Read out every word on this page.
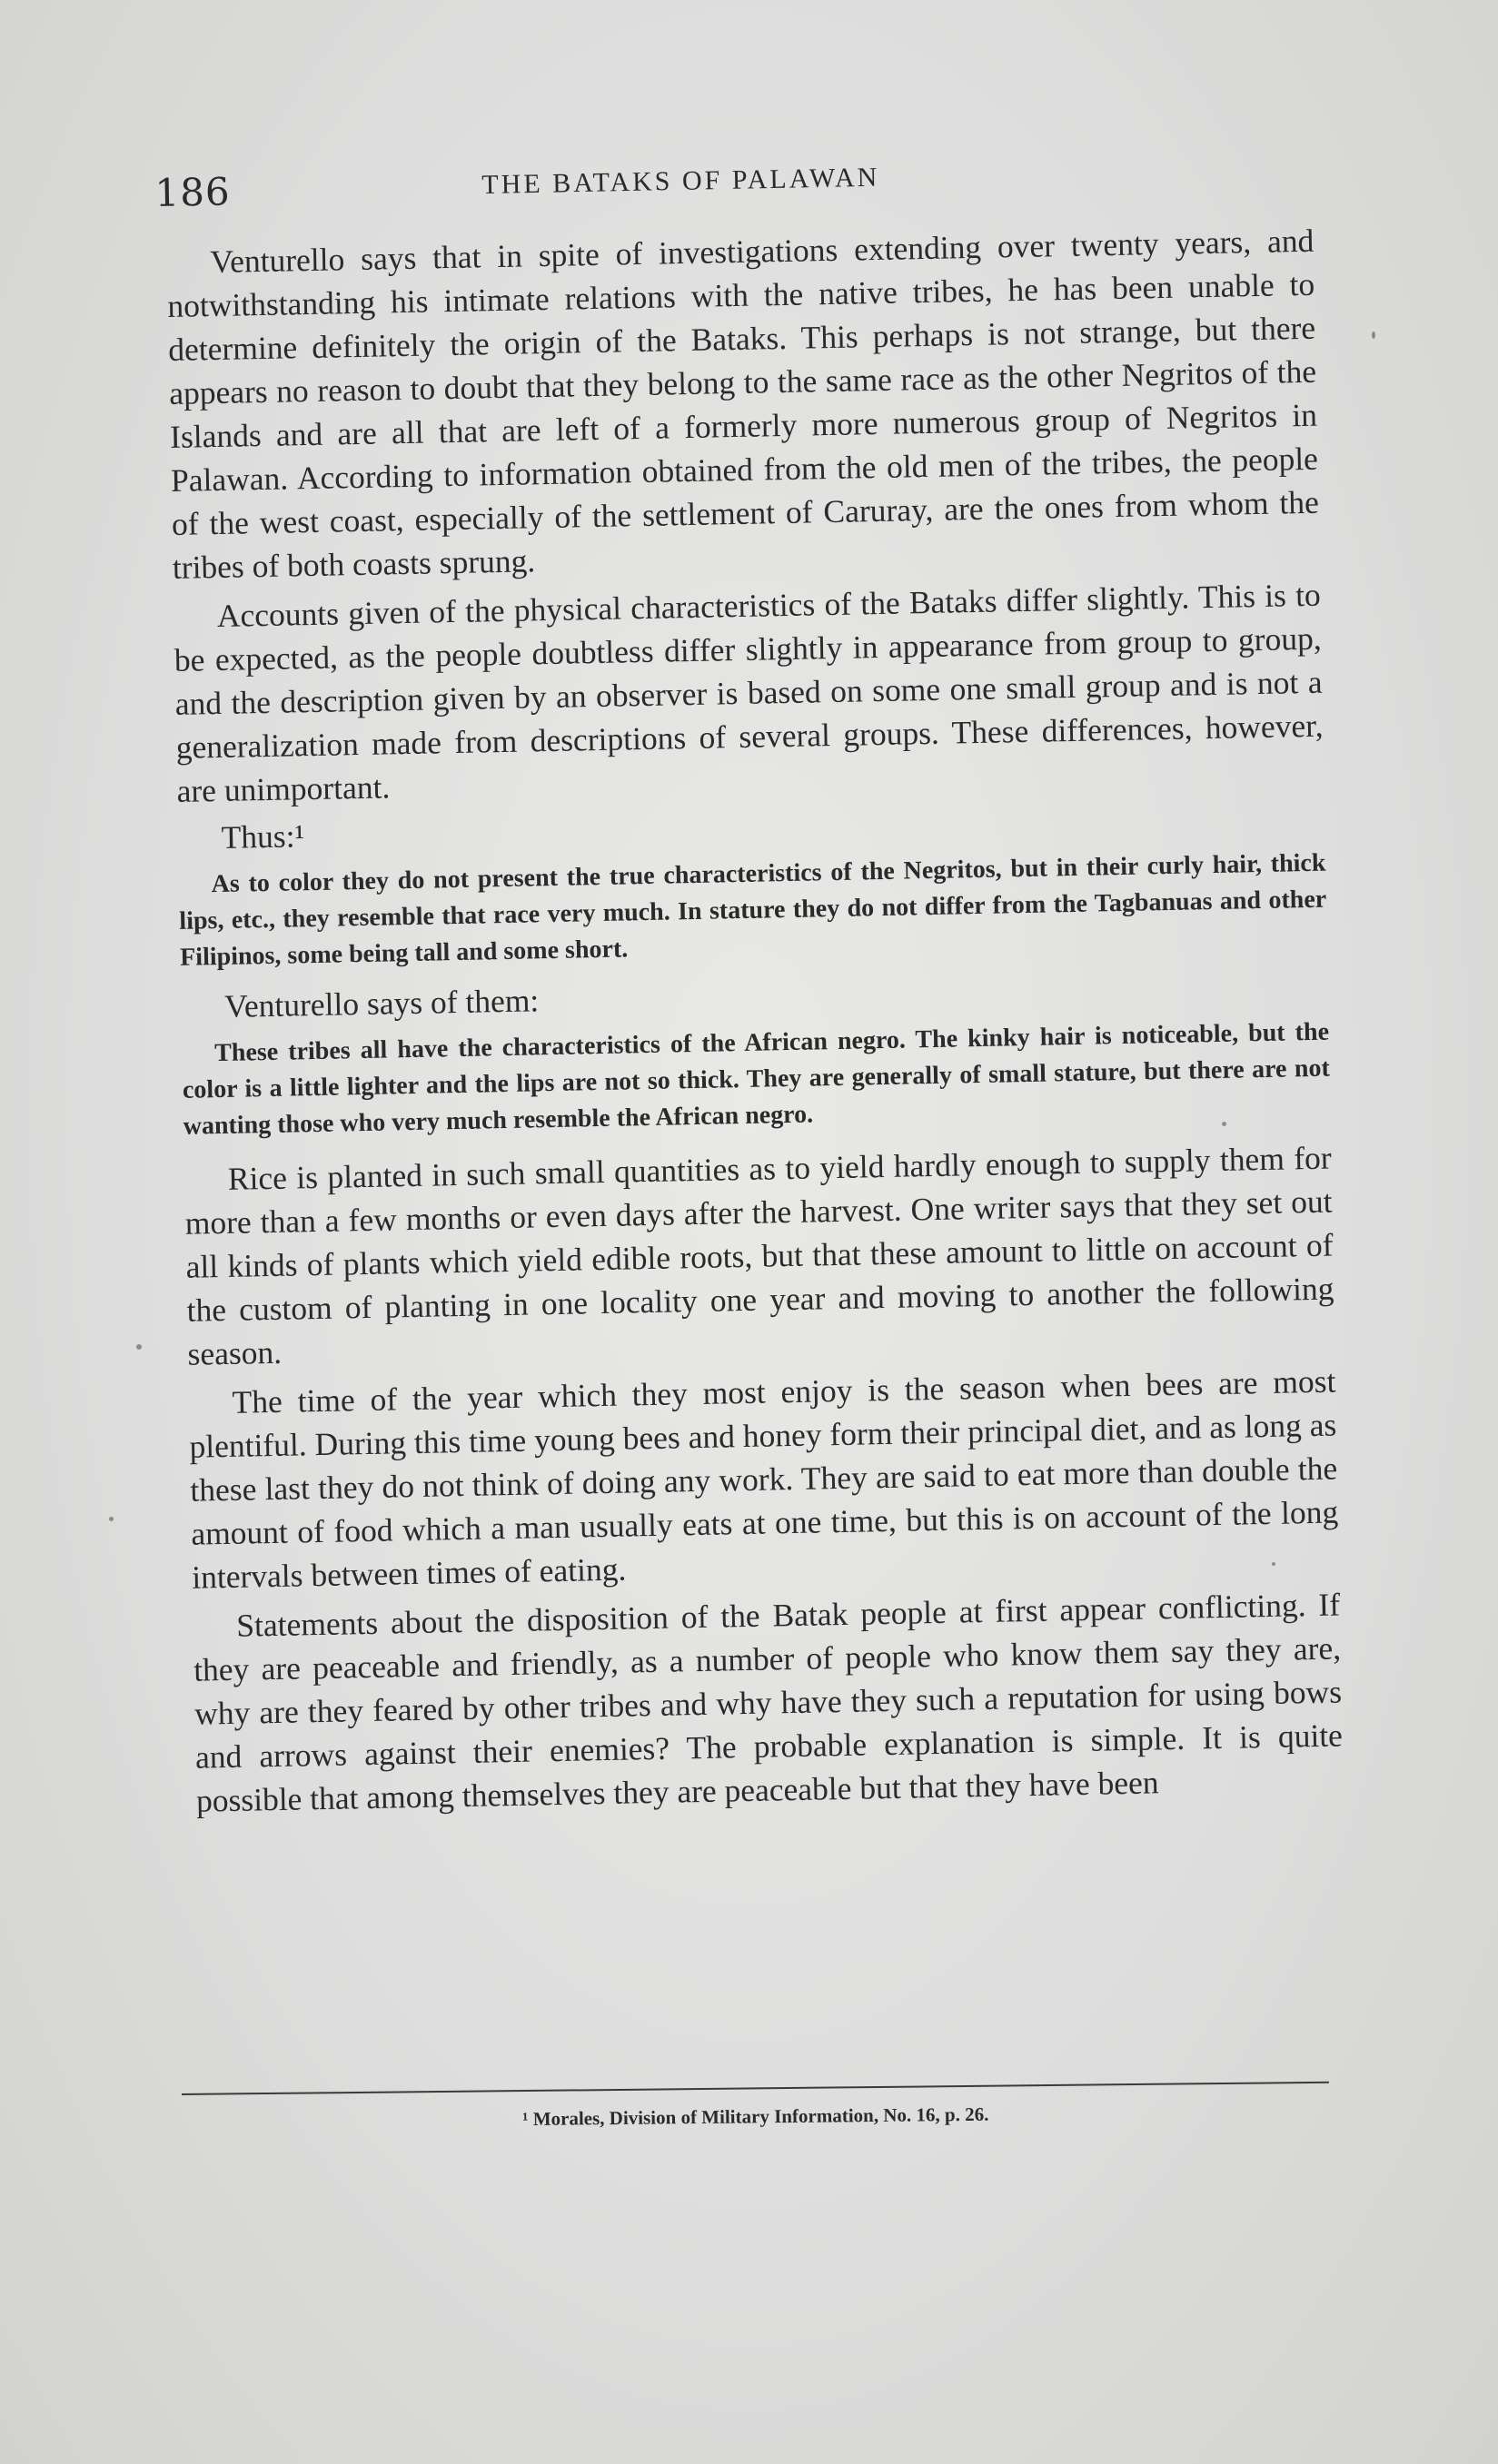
186	THE BATAKS OF PALAWAN

Venturello says that in spite of investigations extending over twenty years, and notwithstanding his intimate relations with the native tribes, he has been unable to determine definitely the origin of the Bataks. This perhaps is not strange, but there appears no reason to doubt that they belong to the same race as the other Negritos of the Islands and are all that are left of a formerly more numerous group of Negritos in Palawan. According to information obtained from the old men of the tribes, the people of the west coast, especially of the settlement of Caruray, are the ones from whom the tribes of both coasts sprung.

Accounts given of the physical characteristics of the Bataks differ slightly. This is to be expected, as the people doubtless differ slightly in appearance from group to group, and the description given by an observer is based on some one small group and is not a generalization made from descriptions of several groups. These differences, however, are unimportant.

Thus:¹

As to color they do not present the true characteristics of the Negritos, but in their curly hair, thick lips, etc., they resemble that race very much. In stature they do not differ from the Tagbanuas and other Filipinos, some being tall and some short.

Venturello says of them:

These tribes all have the characteristics of the African negro. The kinky hair is noticeable, but the color is a little lighter and the lips are not so thick. They are generally of small stature, but there are not wanting those who very much resemble the African negro.

Rice is planted in such small quantities as to yield hardly enough to supply them for more than a few months or even days after the harvest. One writer says that they set out all kinds of plants which yield edible roots, but that these amount to little on account of the custom of planting in one locality one year and moving to another the following season.

The time of the year which they most enjoy is the season when bees are most plentiful. During this time young bees and honey form their principal diet, and as long as these last they do not think of doing any work. They are said to eat more than double the amount of food which a man usually eats at one time, but this is on account of the long intervals between times of eating.

Statements about the disposition of the Batak people at first appear conflicting. If they are peaceable and friendly, as a number of people who know them say they are, why are they feared by other tribes and why have they such a reputation for using bows and arrows against their enemies? The probable explanation is simple. It is quite possible that among themselves they are peaceable but that they have been

¹ Morales, Division of Military Information, No. 16, p. 26.
